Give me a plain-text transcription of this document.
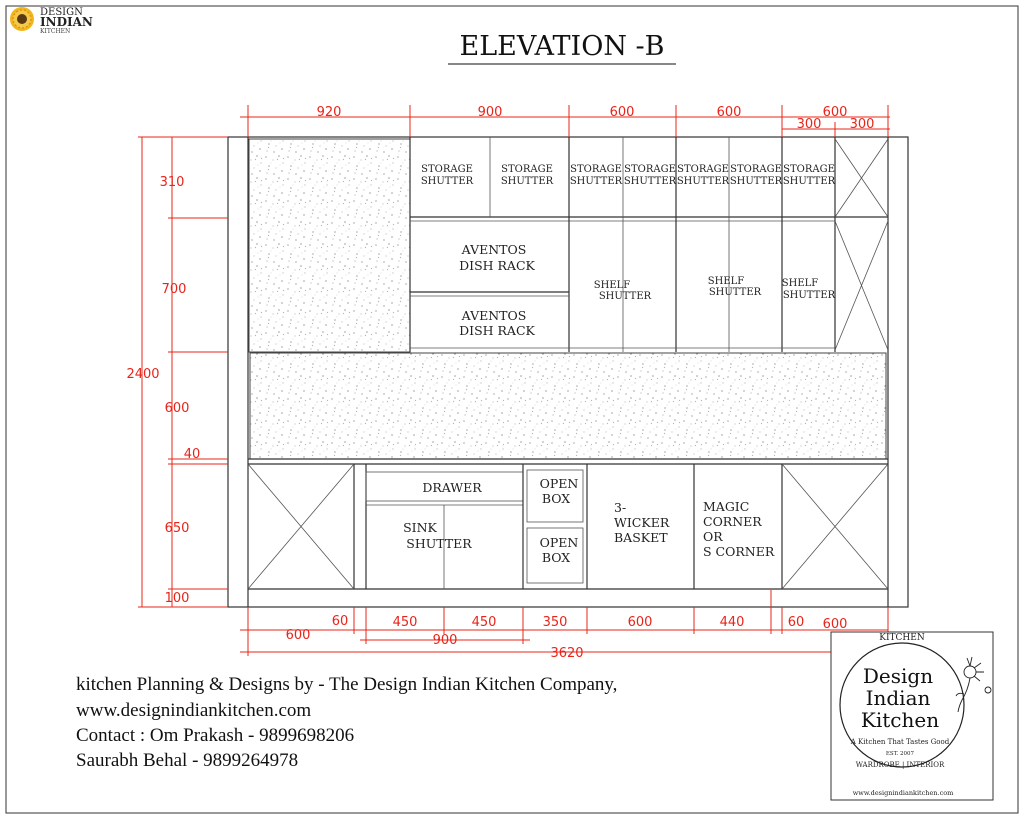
DESIGN
INDIAN
KITCHEN	ELEVATION -B
STORAGE
SHUTTER
STORAGE
SHUTTER
STORAGE
SHUTTER
STORAGE
SHUTTER
STORAGE
SHUTTER
STORAGE
SHUTTER
STORAGE
SHUTTER
AVENTOS
DISH RACK
AVENTOS
DISH RACK
SHELF
SHUTTER
SHELF
SHUTTER
SHELF
SHUTTER
DRAWER
SINK
SHUTTER
OPEN
BOX
OPEN
BOX
3-
WICKER
BASKET
MAGIC
CORNER
OR
S CORNER
920	900	600	600	600
300 300
2400
310
700
600
40
650
100
600
60	450	450	350	600	440	60 600
900
3620
KITCHEN
Design
Indian
Kitchen
A Kitchen That Tastes Good
EST. 2007
WARDROBE | INTERIOR
www.designindiankitchen.com
kitchen Planning & Designs by - The Design Indian Kitchen Company,
www.designindiankitchen.com
Contact : Om Prakash - 9899698206
Saurabh Behal - 9899264978
